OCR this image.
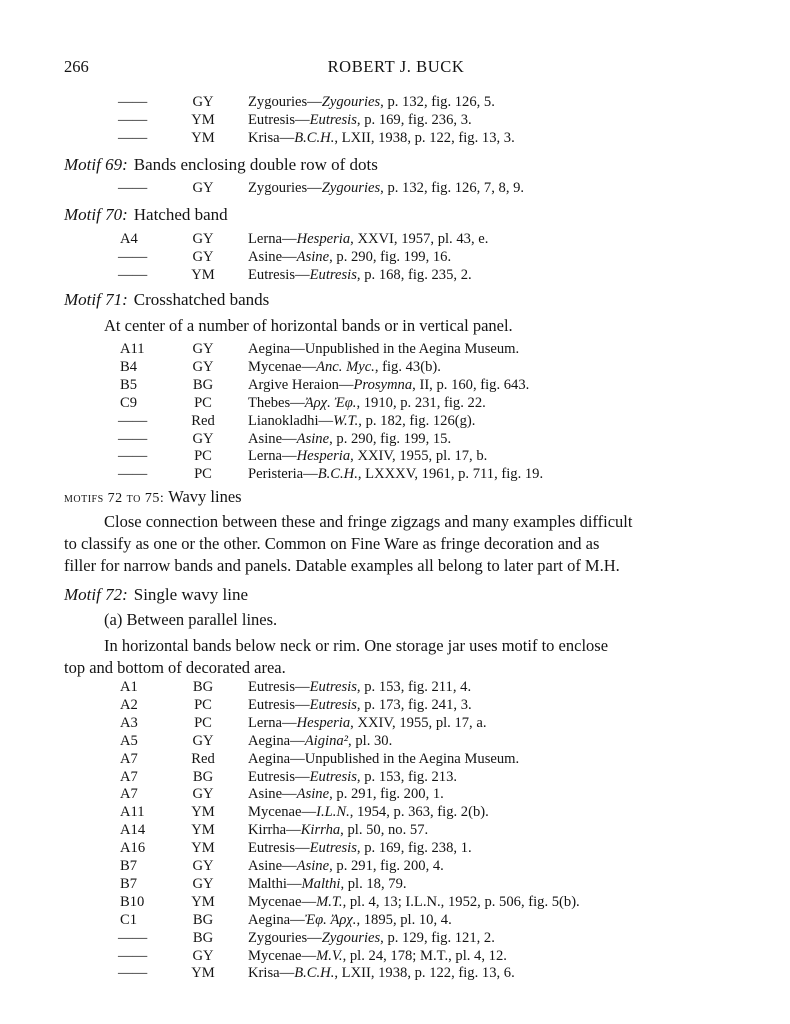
266	ROBERT J. BUCK
——	GY	Zygouries—Zygouries, p. 132, fig. 126, 5.
——	YM	Eutresis—Eutresis, p. 169, fig. 236, 3.
——	YM	Krisa—B.C.H., LXII, 1938, p. 122, fig. 13, 3.
Motif 69: Bands enclosing double row of dots
——	GY	Zygouries—Zygouries, p. 132, fig. 126, 7, 8, 9.
Motif 70: Hatched band
A4	GY	Lerna—Hesperia, XXVI, 1957, pl. 43, e.
——	GY	Asine—Asine, p. 290, fig. 199, 16.
——	YM	Eutresis—Eutresis, p. 168, fig. 235, 2.
Motif 71: Crosshatched bands
At center of a number of horizontal bands or in vertical panel.
A11	GY	Aegina—Unpublished in the Aegina Museum.
B4	GY	Mycenae—Anc. Myc., fig. 43(b).
B5	BG	Argive Heraion—Prosymna, II, p. 160, fig. 643.
C9	PC	Thebes—Ἀρχ. Ἐφ., 1910, p. 231, fig. 22.
——	Red	Lianokladhi—W.T., p. 182, fig. 126(g).
——	GY	Asine—Asine, p. 290, fig. 199, 15.
——	PC	Lerna—Hesperia, XXIV, 1955, pl. 17, b.
——	PC	Peristeria—B.C.H., LXXXV, 1961, p. 711, fig. 19.
motifs 72 to 75: Wavy lines
Close connection between these and fringe zigzags and many examples difficult
to classify as one or the other. Common on Fine Ware as fringe decoration and as
filler for narrow bands and panels. Datable examples all belong to later part of M.H.
Motif 72: Single wavy line
(a) Between parallel lines.
In horizontal bands below neck or rim. One storage jar uses motif to enclose
top and bottom of decorated area.
A1	BG	Eutresis—Eutresis, p. 153, fig. 211, 4.
A2	PC	Eutresis—Eutresis, p. 173, fig. 241, 3.
A3	PC	Lerna—Hesperia, XXIV, 1955, pl. 17, a.
A5	GY	Aegina—Aigina², pl. 30.
A7	Red	Aegina—Unpublished in the Aegina Museum.
A7	BG	Eutresis—Eutresis, p. 153, fig. 213.
A7	GY	Asine—Asine, p. 291, fig. 200, 1.
A11	YM	Mycenae—I.L.N., 1954, p. 363, fig. 2(b).
A14	YM	Kirrha—Kirrha, pl. 50, no. 57.
A16	YM	Eutresis—Eutresis, p. 169, fig. 238, 1.
B7	GY	Asine—Asine, p. 291, fig. 200, 4.
B7	GY	Malthi—Malthi, pl. 18, 79.
B10	YM	Mycenae—M.T., pl. 4, 13; I.L.N., 1952, p. 506, fig. 5(b).
C1	BG	Aegina—Ἐφ. Ἀρχ., 1895, pl. 10, 4.
——	BG	Zygouries—Zygouries, p. 129, fig. 121, 2.
——	GY	Mycenae—M.V., pl. 24, 178; M.T., pl. 4, 12.
——	YM	Krisa—B.C.H., LXII, 1938, p. 122, fig. 13, 6.
